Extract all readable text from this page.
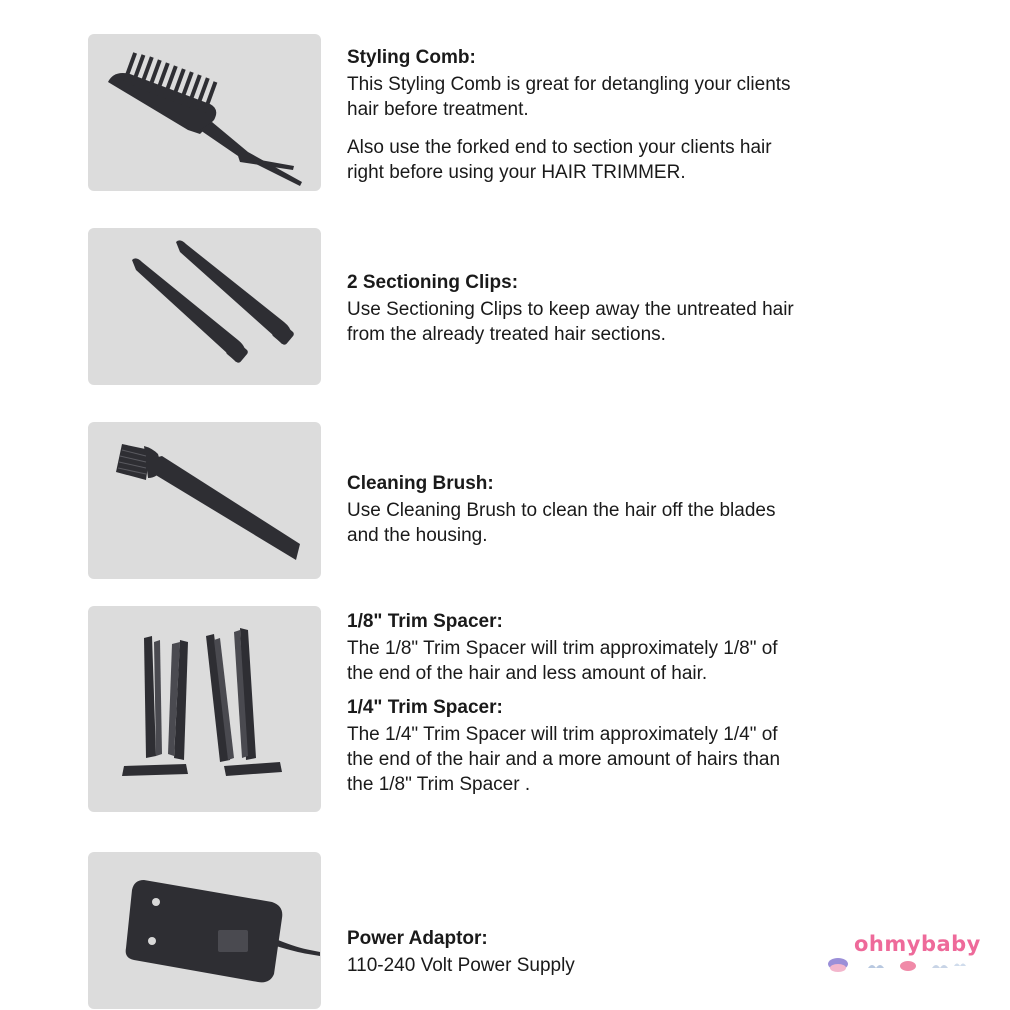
Styling Comb:

This Styling Comb is great for detangling your clients
hair before treatment.

Also use the forked end to section your clients hair
right before using your HAIR TRIMMER.

2 Sectioning Clips:

Use Sectioning Clips to keep away the untreated hair
from the already treated hair sections.

Cleaning Brush:

Use Cleaning Brush to clean the hair off the blades
and the housing.

1/8" Trim Spacer:

The 1/8" Trim Spacer will trim approximately 1/8" of
the end of the hair and less amount of hair.

1/4" Trim Spacer:

The 1/4" Trim Spacer will trim approximately 1/4" of
the end of the hair and a more amount of hairs than
the 1/8" Trim Spacer .

Power Adaptor:

110-240 Volt Power Supply

ohmybaby
